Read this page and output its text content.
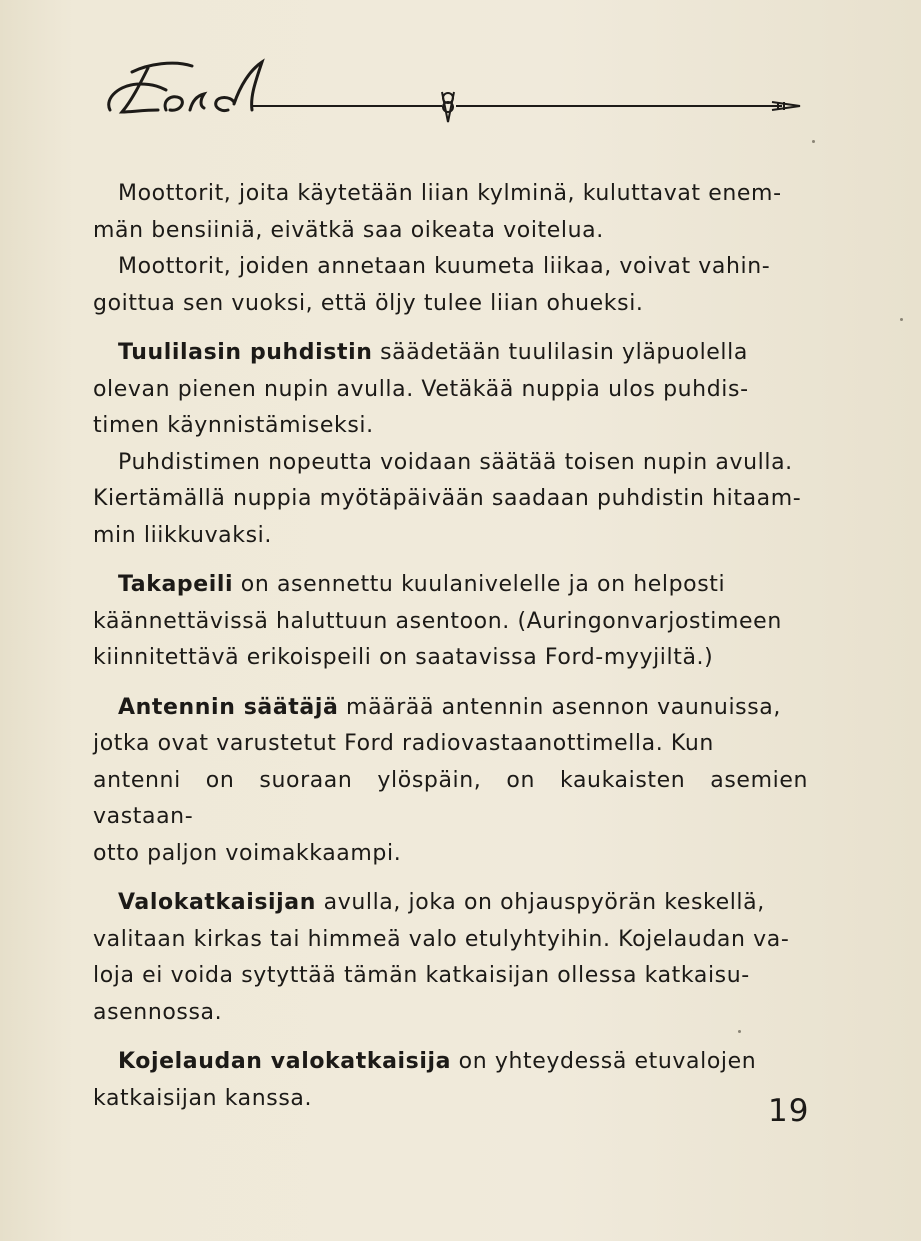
Moottorit, joita käytetään liian kylminä, kuluttavat enem-
män bensiiniä, eivätkä saa oikeata voitelua.

Moottorit, joiden annetaan kuumeta liikaa, voivat vahin-
goittua sen vuoksi, että öljy tulee liian ohueksi.

Tuulilasin puhdistin säädetään tuulilasin yläpuolella
olevan pienen nupin avulla. Vetäkää nuppia ulos puhdis-
timen käynnistämiseksi.

Puhdistimen nopeutta voidaan säätää toisen nupin avulla.
Kiertämällä nuppia myötäpäivään saadaan puhdistin hitaam-
min liikkuvaksi.

Takapeili on asennettu kuulanivelelle ja on helposti
käännettävissä haluttuun asentoon. (Auringonvarjostimeen
kiinnitettävä erikoispeili on saatavissa Ford-myyjiltä.)

Antennin säätäjä määrää antennin asennon vaunuissa,
jotka ovat varustetut Ford radiovastaanottimella. Kun
antenni on suoraan ylöspäin, on kaukaisten asemien vastaan-
otto paljon voimakkaampi.

Valokatkaisijan avulla, joka on ohjauspyörän keskellä,
valitaan kirkas tai himmeä valo etulyhtyihin. Kojelaudan va-
loja ei voida sytyttää tämän katkaisijan ollessa katkaisu-
asennossa.

Kojelaudan valokatkaisija on yhteydessä etuvalojen
katkaisijan kanssa.	19
